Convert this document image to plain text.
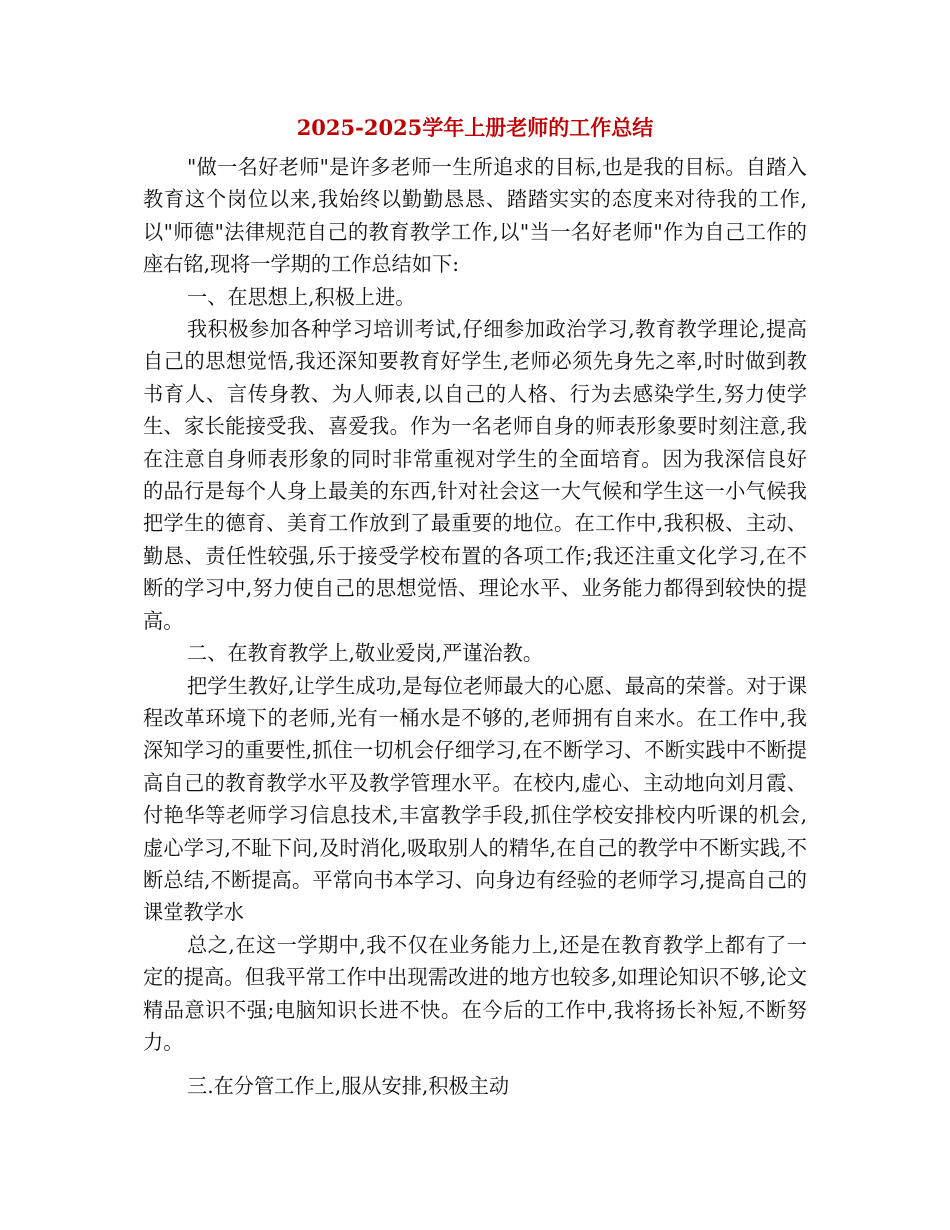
2025-2025学年上册老师的工作总结

"做一名好老师"是许多老师一生所追求的目标,也是我的目标。自踏入教育这个岗位以来,我始终以勤勤恳恳、踏踏实实的态度来对待我的工作,以"师德"法律规范自己的教育教学工作,以"当一名好老师"作为自己工作的座右铭,现将一学期的工作总结如下:

一、在思想上,积极上进。

我积极参加各种学习培训考试,仔细参加政治学习,教育教学理论,提高自己的思想觉悟,我还深知要教育好学生,老师必须先身先之率,时时做到教书育人、言传身教、为人师表,以自己的人格、行为去感染学生,努力使学生、家长能接受我、喜爱我。作为一名老师自身的师表形象要时刻注意,我在注意自身师表形象的同时非常重视对学生的全面培育。因为我深信良好的品行是每个人身上最美的东西,针对社会这一大气候和学生这一小气候我把学生的德育、美育工作放到了最重要的地位。在工作中,我积极、主动、勤恳、责任性较强,乐于接受学校布置的各项工作;我还注重文化学习,在不断的学习中,努力使自己的思想觉悟、理论水平、业务能力都得到较快的提高。

二、在教育教学上,敬业爱岗,严谨治教。

把学生教好,让学生成功,是每位老师最大的心愿、最高的荣誉。对于课程改革环境下的老师,光有一桶水是不够的,老师拥有自来水。在工作中,我深知学习的重要性,抓住一切机会仔细学习,在不断学习、不断实践中不断提高自己的教育教学水平及教学管理水平。在校内,虚心、主动地向刘月霞、付艳华等老师学习信息技术,丰富教学手段,抓住学校安排校内听课的机会,虚心学习,不耻下问,及时消化,吸取别人的精华,在自己的教学中不断实践,不断总结,不断提高。平常向书本学习、向身边有经验的老师学习,提高自己的课堂教学水

总之,在这一学期中,我不仅在业务能力上,还是在教育教学上都有了一定的提高。但我平常工作中出现需改进的地方也较多,如理论知识不够,论文精品意识不强;电脑知识长进不快。在今后的工作中,我将扬长补短,不断努力。

三.在分管工作上,服从安排,积极主动
